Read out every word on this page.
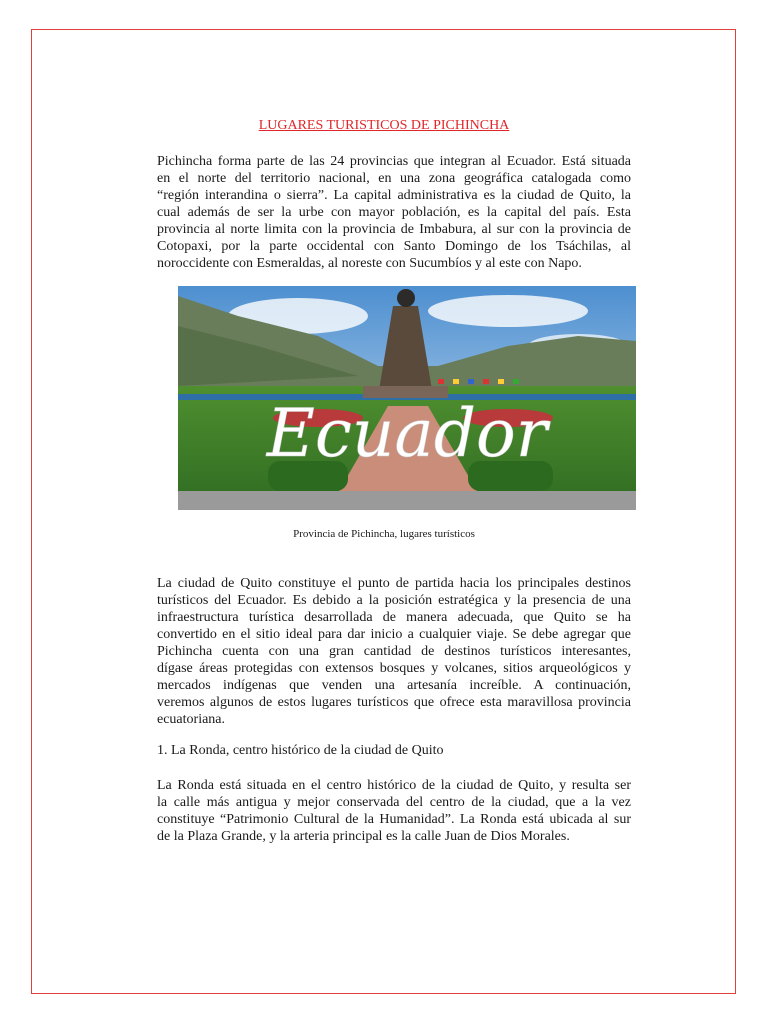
LUGARES TURISTICOS DE PICHINCHA
Pichincha forma parte de las 24 provincias que integran al Ecuador. Está situada
en el norte del territorio nacional, en una zona geográfica catalogada como
“región interandina o sierra”. La capital administrativa es la ciudad de Quito, la
cual además de ser la urbe con mayor población, es la capital del país. Esta
provincia al norte limita con la provincia de Imbabura, al sur con la provincia de
Cotopaxi, por la parte occidental con Santo Domingo de los Tsáchilas, al
noroccidente con Esmeraldas, al noreste con Sucumbíos y al este con Napo.
Ecuador
Provincia de Pichincha, lugares turísticos
La ciudad de Quito constituye el punto de partida hacia los principales destinos
turísticos del Ecuador. Es debido a la posición estratégica y la presencia de una
infraestructura turística desarrollada de manera adecuada, que Quito se ha
convertido en el sitio ideal para dar inicio a cualquier viaje. Se debe agregar que
Pichincha cuenta con una gran cantidad de destinos turísticos interesantes,
dígase áreas protegidas con extensos bosques y volcanes, sitios arqueológicos y
mercados indígenas que venden una artesanía increíble. A continuación,
veremos algunos de estos lugares turísticos que ofrece esta maravillosa provincia
ecuatoriana.
1. La Ronda, centro histórico de la ciudad de Quito
La Ronda está situada en el centro histórico de la ciudad de Quito, y resulta ser
la calle más antigua y mejor conservada del centro de la ciudad, que a la vez
constituye “Patrimonio Cultural de la Humanidad”. La Ronda está ubicada al sur
de la Plaza Grande, y la arteria principal es la calle Juan de Dios Morales.
